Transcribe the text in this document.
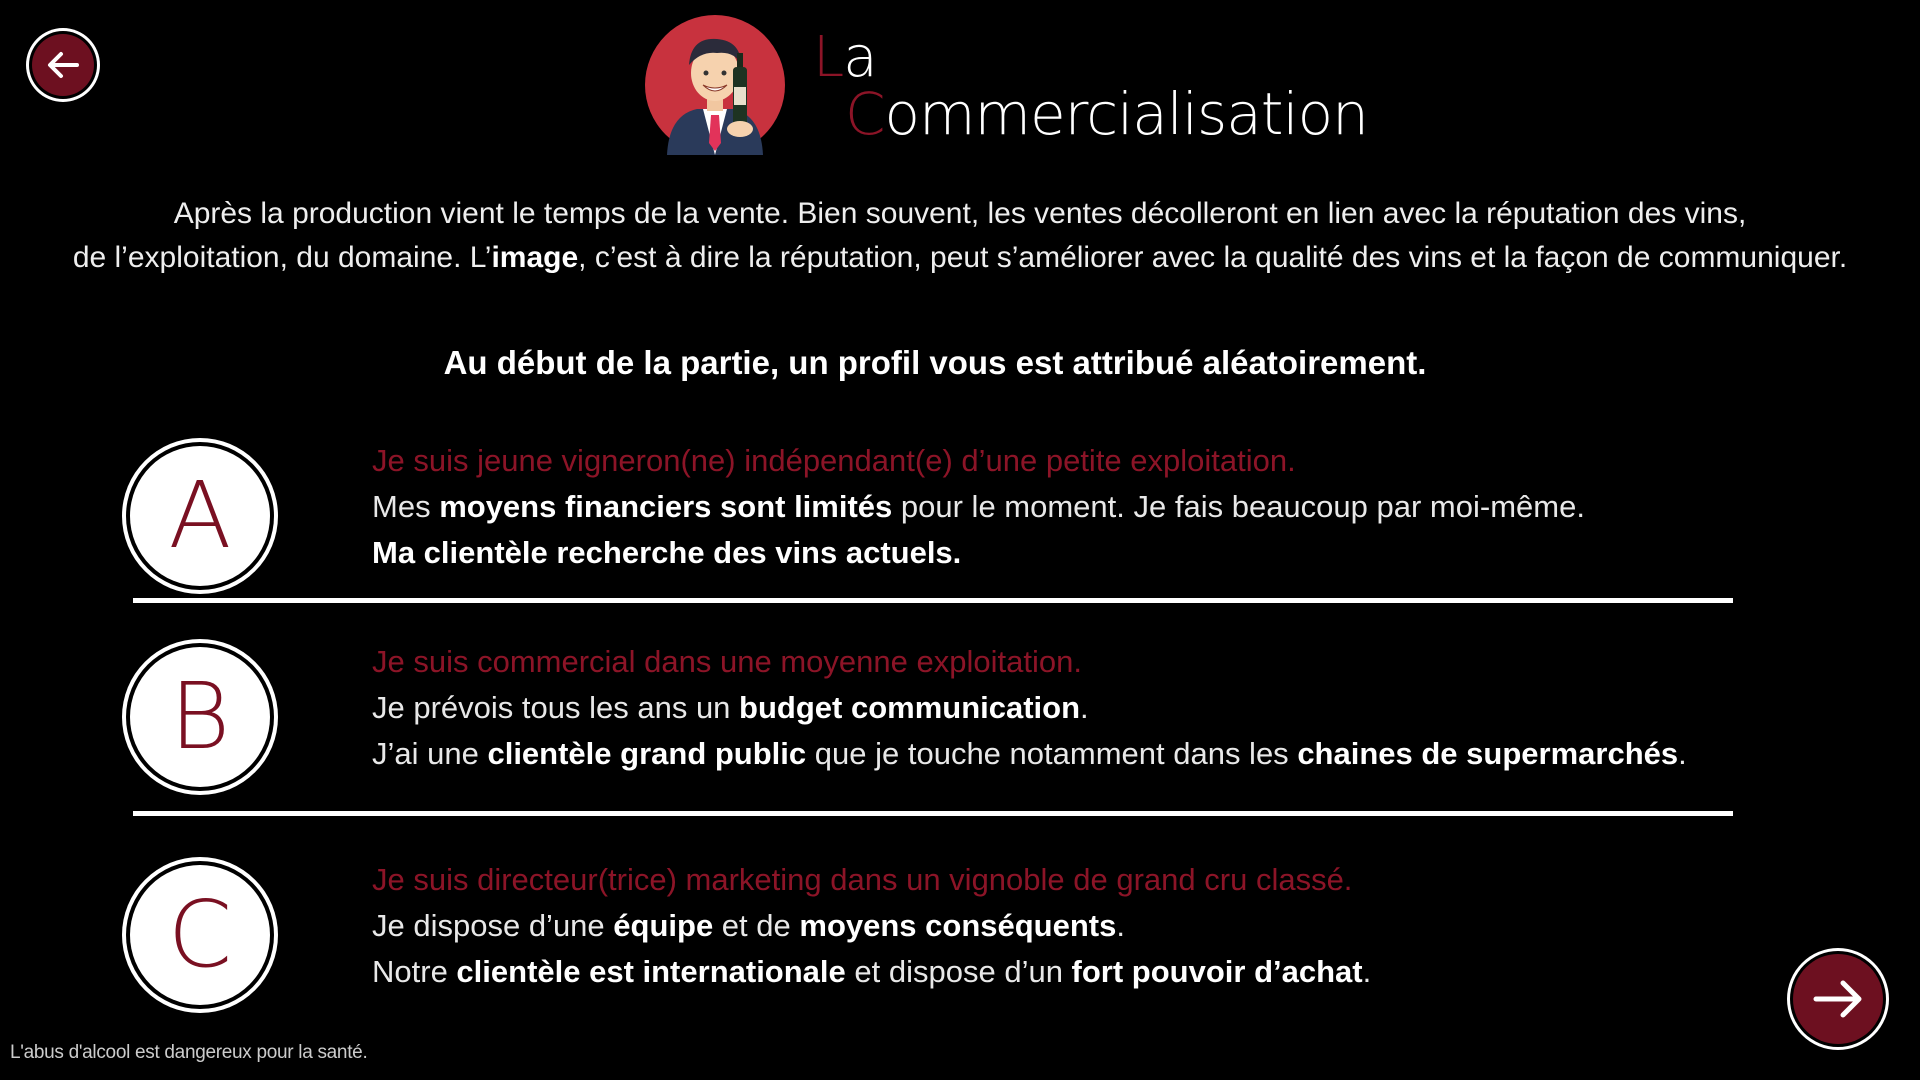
La
Commercialisation
Après la production vient le temps de la vente. Bien souvent, les ventes décolleront en lien avec la réputation des vins,
de l’exploitation, du domaine. L’image, c’est à dire la réputation, peut s’améliorer avec la qualité des vins et la façon de communiquer.
Au début de la partie, un profil vous est attribué aléatoirement.
A
Je suis jeune vigneron(ne) indépendant(e) d’une petite exploitation.
Mes moyens financiers sont limités pour le moment. Je fais beaucoup par moi-même.
Ma clientèle recherche des vins actuels.
B
Je suis commercial dans une moyenne exploitation.
Je prévois tous les ans un budget communication.
J’ai une clientèle grand public que je touche notamment dans les chaines de supermarchés.
C
Je suis directeur(trice) marketing dans un vignoble de grand cru classé.
Je dispose d’une équipe et de moyens conséquents.
Notre clientèle est internationale et dispose d’un fort pouvoir d’achat.
L'abus d'alcool est dangereux pour la santé.
